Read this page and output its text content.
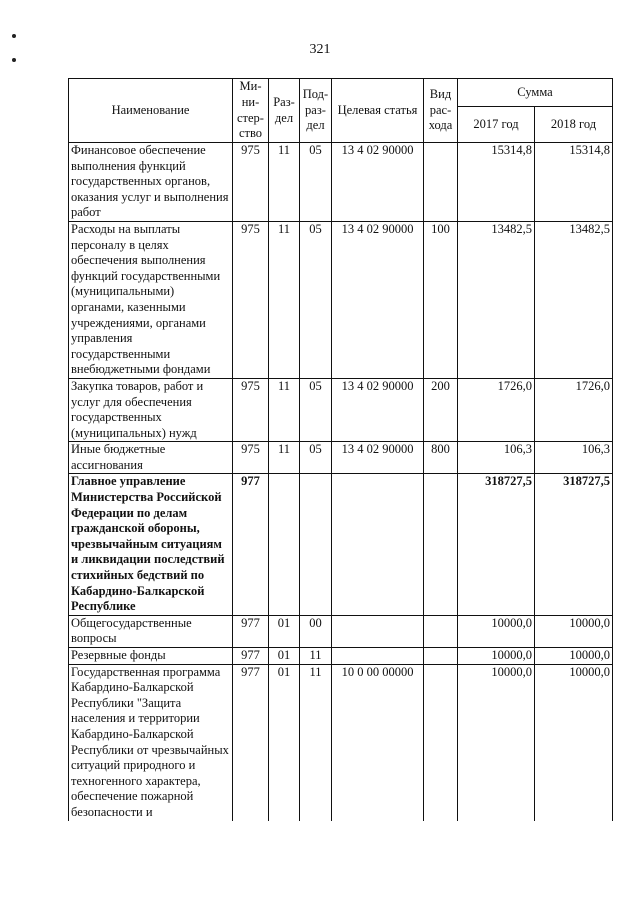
321
Наименование	Ми-ни-стер-ство	Раз-дел	Под-раз-дел	Целевая статья	Вид рас-хода	Сумма	
						2017 год	2018 год
Финансовое обеспечение выполнения функций государственных органов, оказания услуг и выполнения работ	975	11	05	13 4 02 90000		15314,8	15314,8
Расходы на выплаты персоналу в целях обеспечения выполнения функций государственными (муниципальными) органами, казенными учреждениями, органами управления государственными внебюджетными фондами	975	11	05	13 4 02 90000	100	13482,5	13482,5
Закупка товаров, работ и услуг для обеспечения государственных (муниципальных) нужд	975	11	05	13 4 02 90000	200	1726,0	1726,0
Иные бюджетные ассигнования	975	11	05	13 4 02 90000	800	106,3	106,3
Главное управление Министерства Российской Федерации по делам гражданской обороны, чрезвычайным ситуациям и ликвидации последствий стихийных бедствий по Кабардино-Балкарской Республике	977					318727,5	318727,5
Общегосударственные вопросы	977	01	00			10000,0	10000,0
Резервные фонды	977	01	11			10000,0	10000,0
Государственная программа Кабардино-Балкарской Республики "Защита населения и территории Кабардино-Балкарской Республики от чрезвычайных ситуаций природного и техногенного характера, обеспечение пожарной безопасности и	977	01	11	10 0 00 00000		10000,0	10000,0
